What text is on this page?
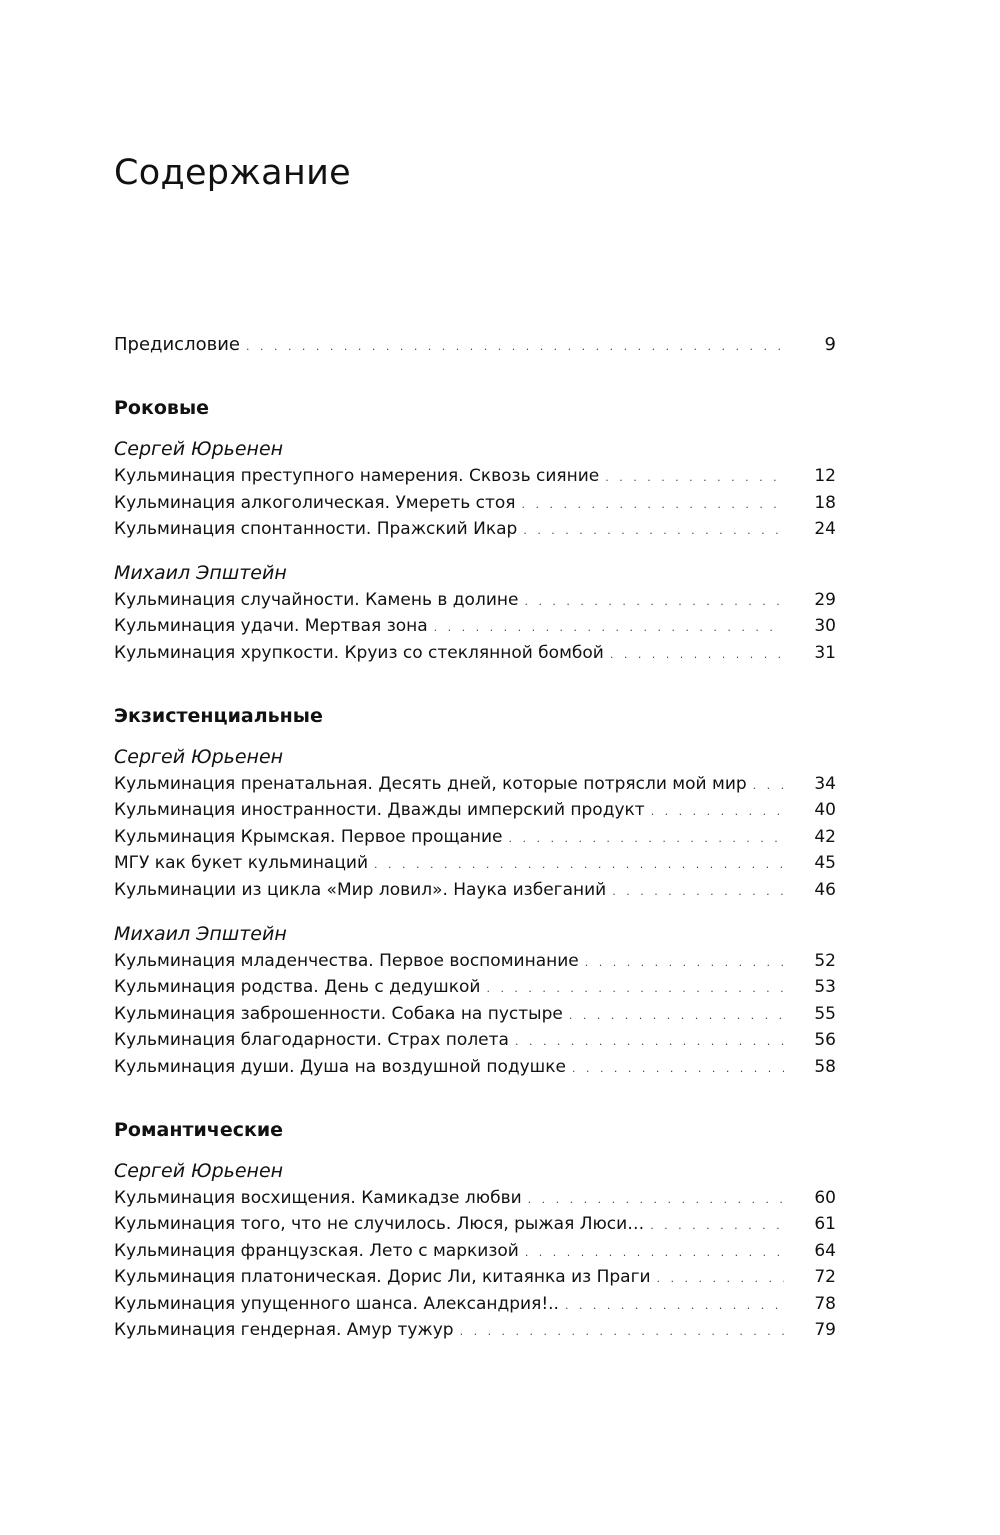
Содержание
Предисловие . .	9
Роковые
Сергей Юрьенен
Кульминация преступного намерения. Сквозь сияние . .	12
Кульминация алкоголическая. Умереть стоя . .	18
Кульминация спонтанности. Пражский Икар . .	24
Михаил Эпштейн
Кульминация случайности. Камень в долине . .	29
Кульминация удачи. Мертвая зона . .	30
Кульминация хрупкости. Круиз со стеклянной бомбой . .	31
Экзистенциальные
Сергей Юрьенен
Кульминация пренатальная. Десять дней, которые потрясли мой мир . .	34
Кульминация иностранности. Дважды имперский продукт . .	40
Кульминация Крымская. Первое прощание . .	42
МГУ как букет кульминаций . .	45
Кульминации из цикла «Мир ловил». Наука избеганий . .	46
Михаил Эпштейн
Кульминация младенчества. Первое воспоминание . .	52
Кульминация родства. День с дедушкой . .	53
Кульминация заброшенности. Собака на пустыре . .	55
Кульминация благодарности. Страх полета . .	56
Кульминация души. Душа на воздушной подушке . .	58
Романтические
Сергей Юрьенен
Кульминация восхищения. Камикадзе любви . .	60
Кульминация того, что не случилось. Люся, рыжая Люси… . .	61
Кульминация французская. Лето с маркизой . .	64
Кульминация платоническая. Дорис Ли, китаянка из Праги . .	72
Кульминация упущенного шанса. Александрия!.. . .	78
Кульминация гендерная. Амур тужур . .	79
